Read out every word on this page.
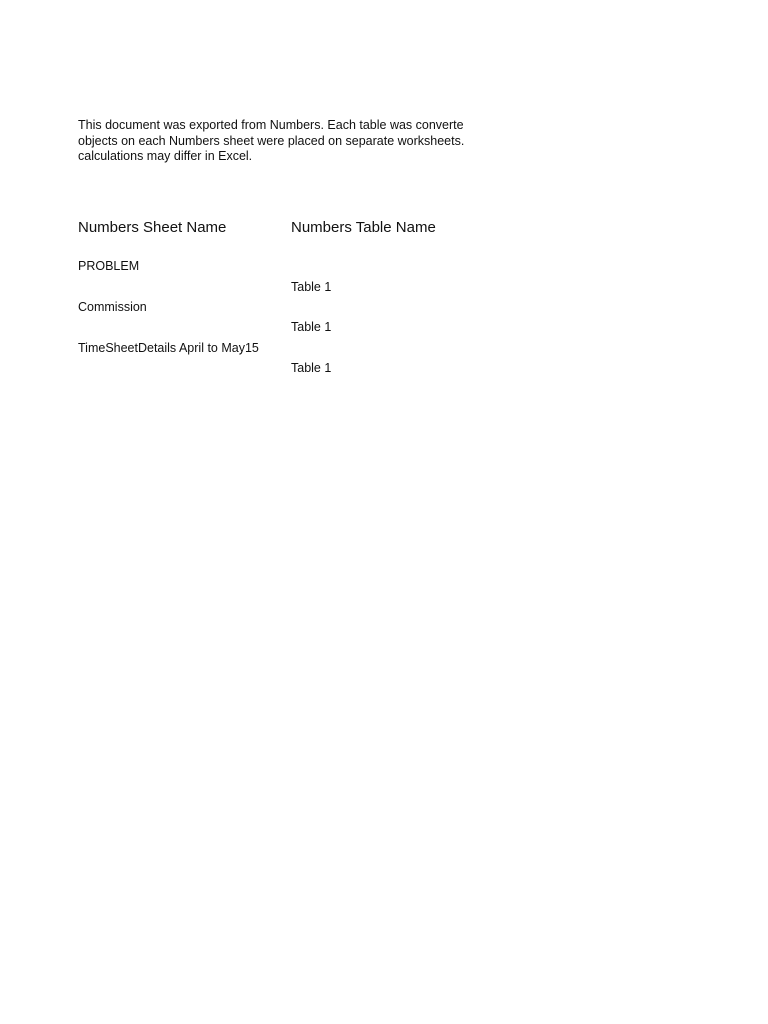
This document was exported from Numbers. Each table was converte
objects on each Numbers sheet were placed on separate worksheets.
calculations may differ in Excel.
Numbers Sheet Name	Numbers Table Name
PROBLEM
Table 1
Commission
Table 1
TimeSheetDetails April to May15
Table 1
